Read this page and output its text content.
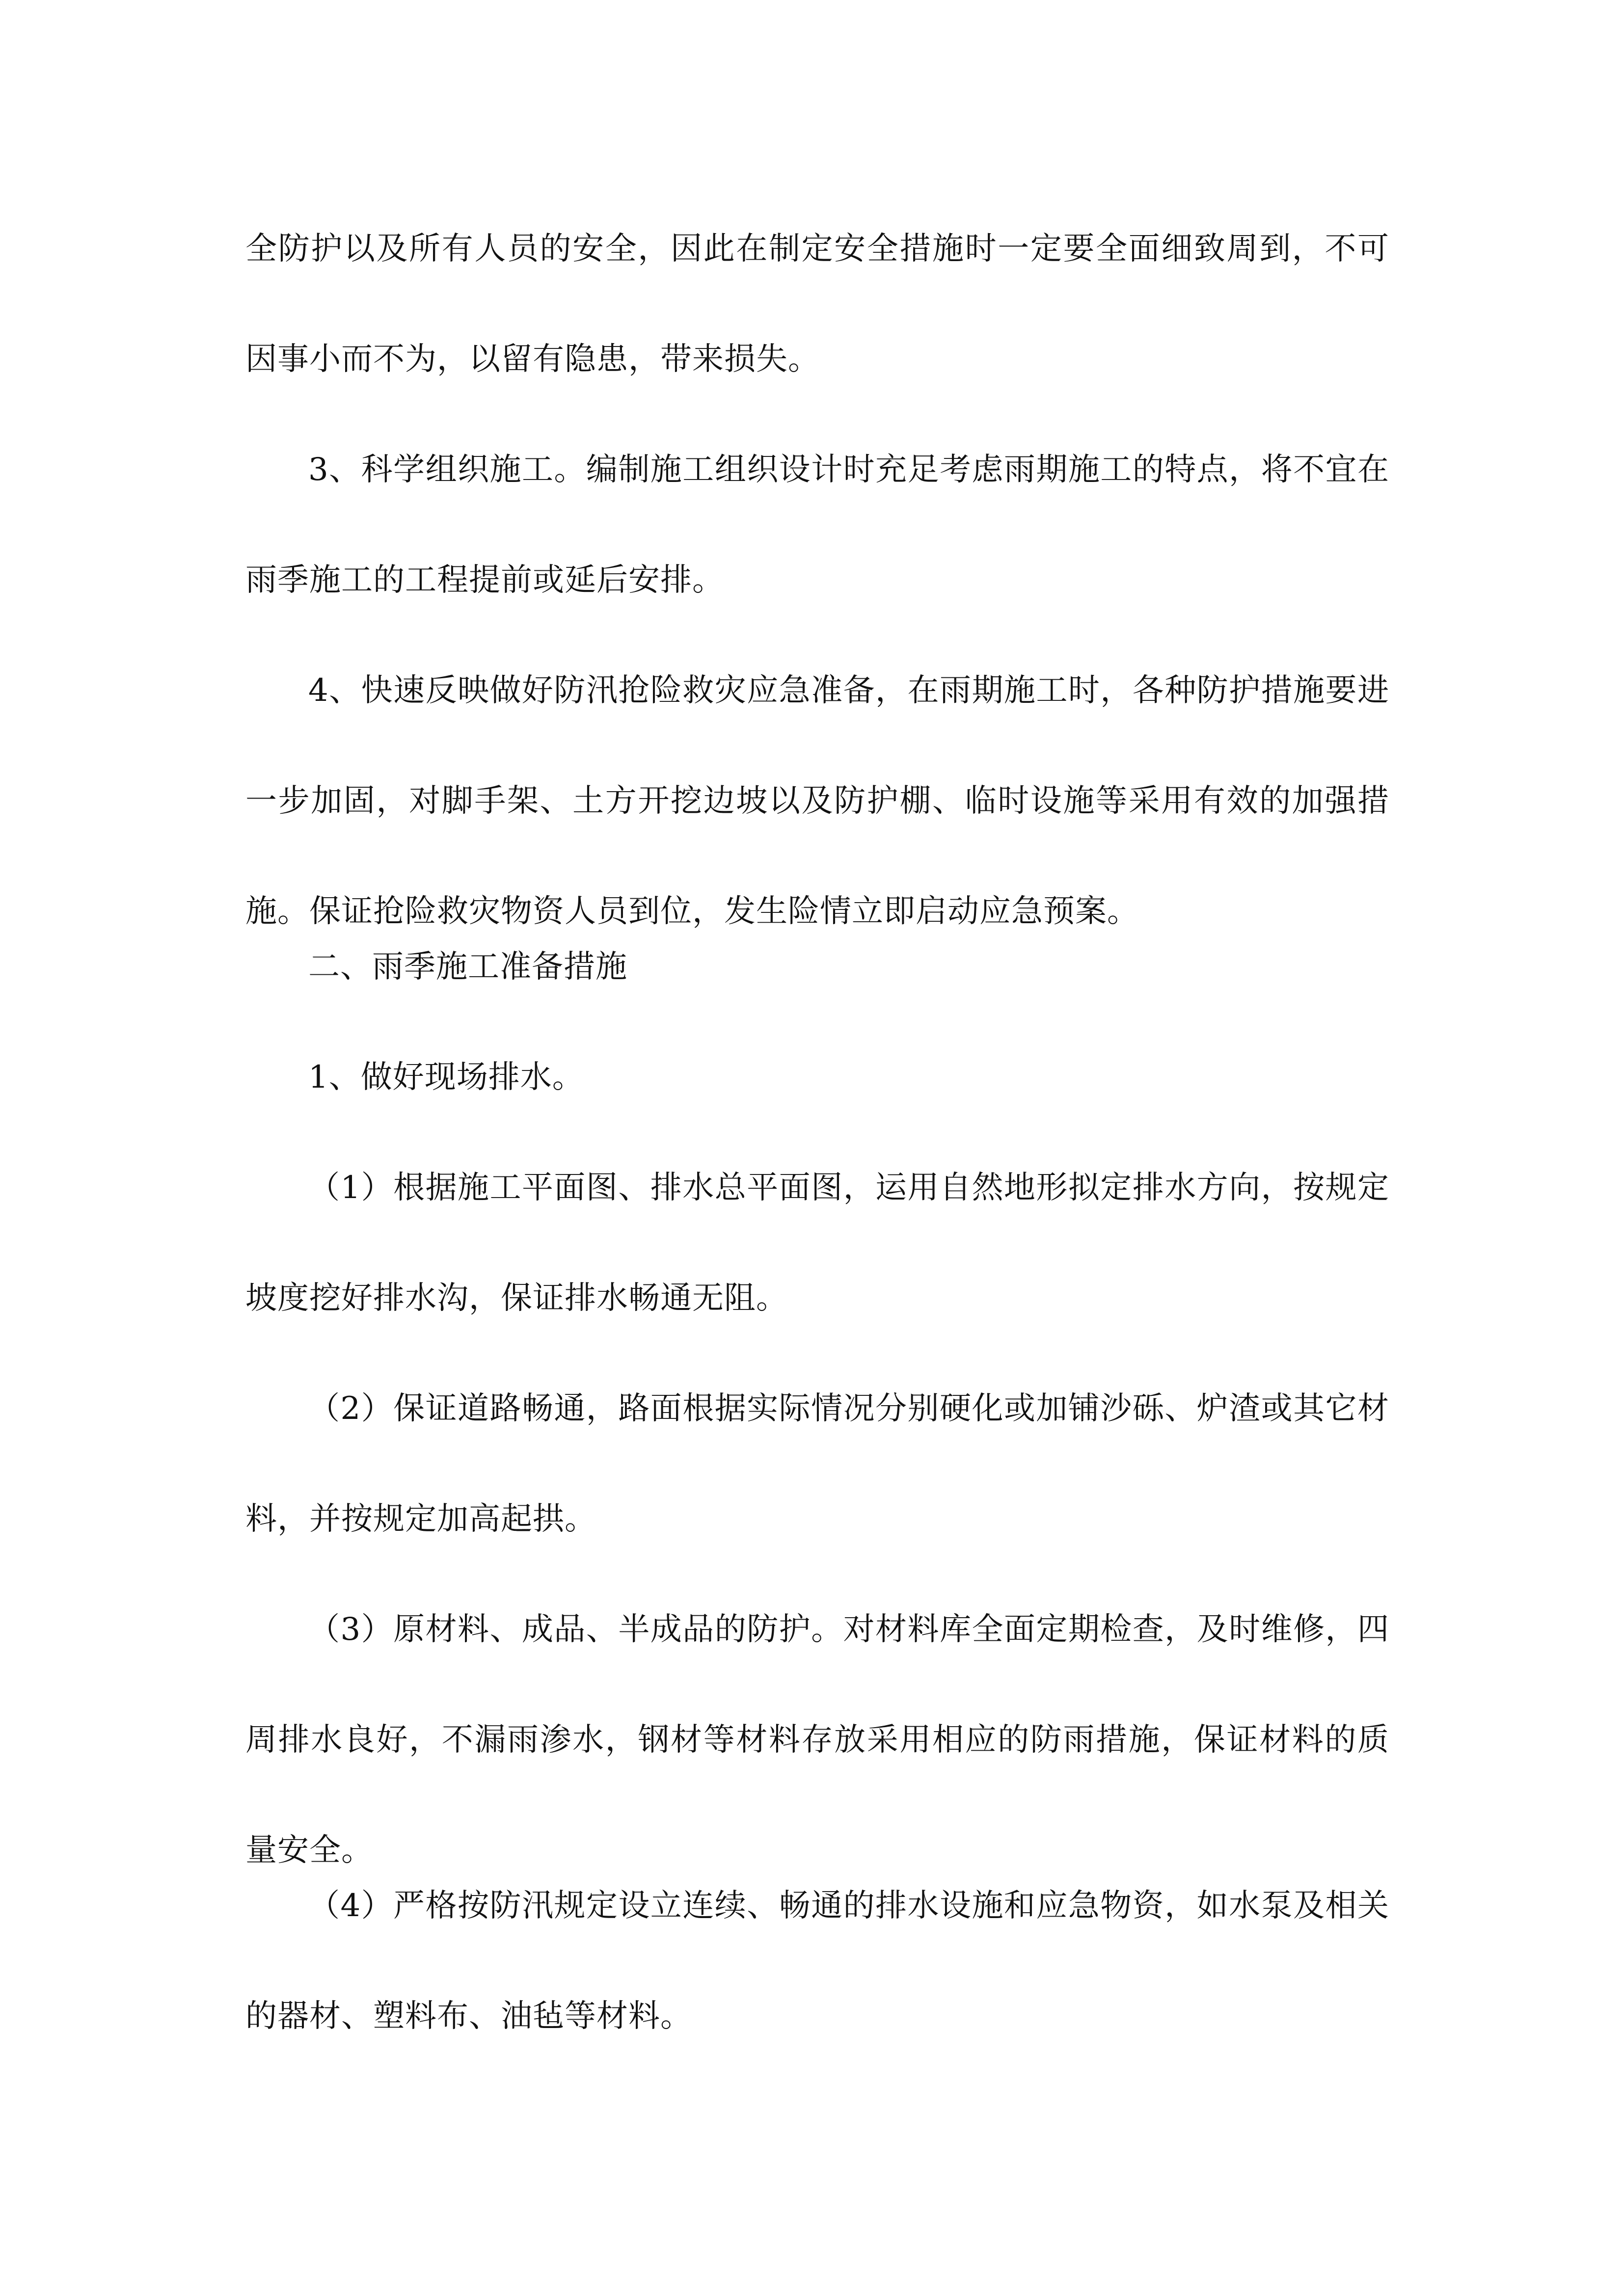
全防护以及所有人员的安全，因此在制定安全措施时一定要全面细致周到，不可因事小而不为，以留有隐患，带来损失。

3、科学组织施工。编制施工组织设计时充足考虑雨期施工的特点，将不宜在雨季施工的工程提前或延后安排。

4、快速反映做好防汛抢险救灾应急准备，在雨期施工时，各种防护措施要进一步加固，对脚手架、土方开挖边坡以及防护棚、临时设施等采用有效的加强措施。保证抢险救灾物资人员到位，发生险情立即启动应急预案。

二、雨季施工准备措施

1、做好现场排水。

（1）根据施工平面图、排水总平面图，运用自然地形拟定排水方向，按规定坡度挖好排水沟，保证排水畅通无阻。

（2）保证道路畅通，路面根据实际情况分别硬化或加铺沙砾、炉渣或其它材料，并按规定加高起拱。

（3）原材料、成品、半成品的防护。对材料库全面定期检查，及时维修，四周排水良好，不漏雨渗水，钢材等材料存放采用相应的防雨措施，保证材料的质量安全。

（4）严格按防汛规定设立连续、畅通的排水设施和应急物资，如水泵及相关的器材、塑料布、油毡等材料。
